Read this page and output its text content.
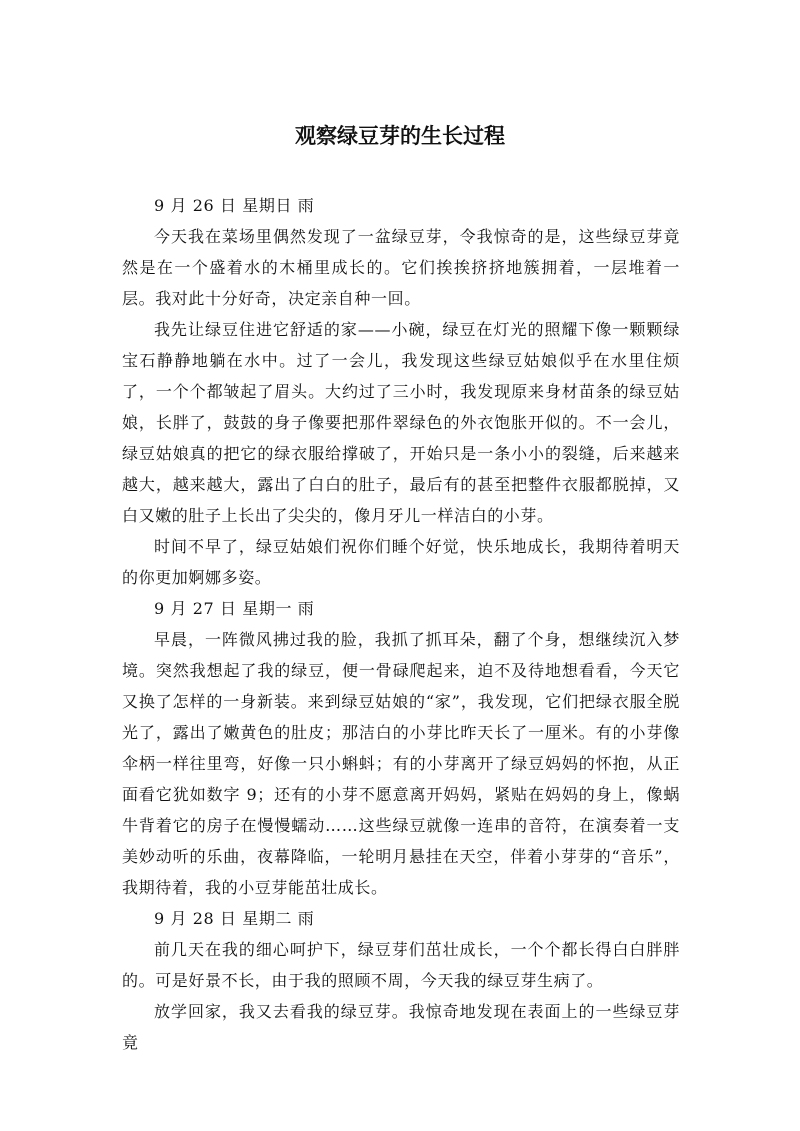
观察绿豆芽的生长过程

9 月 26 日 星期日 雨

今天我在菜场里偶然发现了一盆绿豆芽，令我惊奇的是，这些绿豆芽竟然是在一个盛着水的木桶里成长的。它们挨挨挤挤地簇拥着，一层堆着一层。我对此十分好奇，决定亲自种一回。

我先让绿豆住进它舒适的家——小碗，绿豆在灯光的照耀下像一颗颗绿宝石静静地躺在水中。过了一会儿，我发现这些绿豆姑娘似乎在水里住烦了，一个个都皱起了眉头。大约过了三小时，我发现原来身材苗条的绿豆姑娘，长胖了，鼓鼓的身子像要把那件翠绿色的外衣饱胀开似的。不一会儿，绿豆姑娘真的把它的绿衣服给撑破了，开始只是一条小小的裂缝，后来越来越大，越来越大，露出了白白的肚子，最后有的甚至把整件衣服都脱掉，又白又嫩的肚子上长出了尖尖的，像月牙儿一样洁白的小芽。

时间不早了，绿豆姑娘们祝你们睡个好觉，快乐地成长，我期待着明天的你更加婀娜多姿。

9 月 27 日 星期一 雨

早晨，一阵微风拂过我的脸，我抓了抓耳朵，翻了个身，想继续沉入梦境。突然我想起了我的绿豆，便一骨碌爬起来，迫不及待地想看看，今天它又换了怎样的一身新装。来到绿豆姑娘的“家”，我发现，它们把绿衣服全脱光了，露出了嫩黄色的肚皮；那洁白的小芽比昨天长了一厘米。有的小芽像伞柄一样往里弯，好像一只小蝌蚪；有的小芽离开了绿豆妈妈的怀抱，从正面看它犹如数字 9；还有的小芽不愿意离开妈妈，紧贴在妈妈的身上，像蜗牛背着它的房子在慢慢蠕动……这些绿豆就像一连串的音符，在演奏着一支美妙动听的乐曲，夜幕降临，一轮明月悬挂在天空，伴着小芽芽的“音乐”，我期待着，我的小豆芽能茁壮成长。

9 月 28 日 星期二 雨

前几天在我的细心呵护下，绿豆芽们茁壮成长，一个个都长得白白胖胖的。可是好景不长，由于我的照顾不周，今天我的绿豆芽生病了。

放学回家，我又去看我的绿豆芽。我惊奇地发现在表面上的一些绿豆芽竟
